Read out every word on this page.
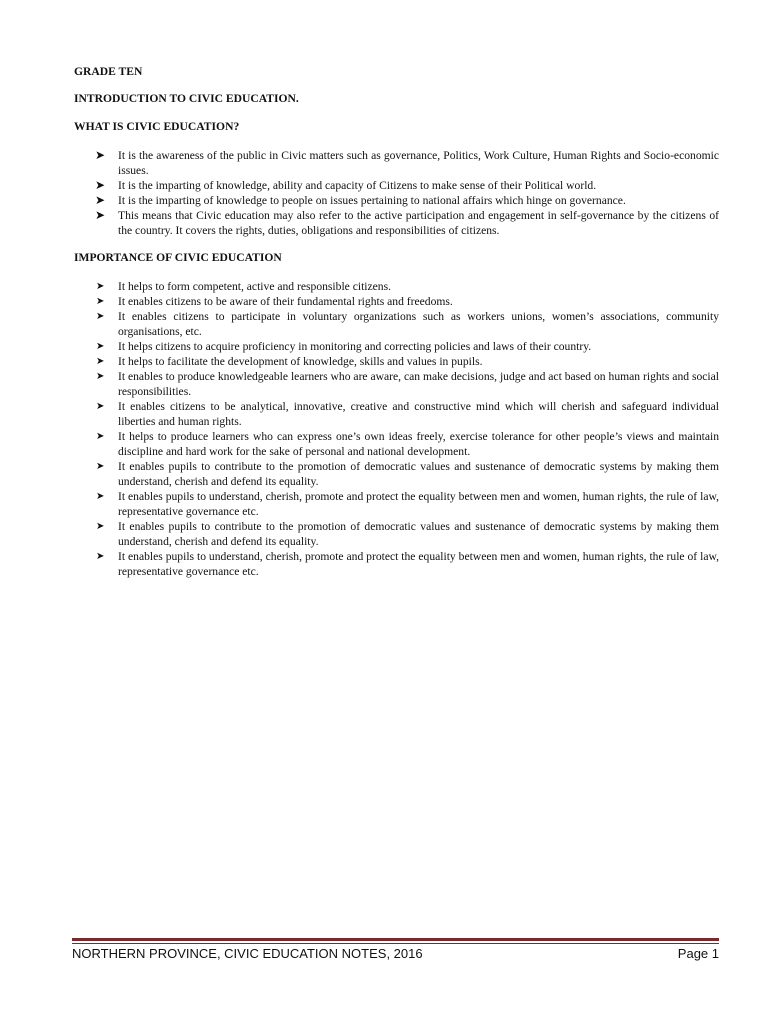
GRADE TEN

INTRODUCTION TO CIVIC EDUCATION.

WHAT IS CIVIC EDUCATION?

➤ It is the awareness of the public in Civic matters such as governance, Politics, Work Culture, Human Rights and Socio-economic issues.
➤ It is the imparting of knowledge, ability and capacity of Citizens to make sense of their Political world.
➤ It is the imparting of knowledge to people on issues pertaining to national affairs which hinge on governance.
➤ This means that Civic education may also refer to the active participation and engagement in self-governance by the citizens of the country. It covers the rights, duties, obligations and responsibilities of citizens.

IMPORTANCE OF CIVIC EDUCATION

➤ It helps to form competent, active and responsible citizens.
➤ It enables citizens to be aware of their fundamental rights and freedoms.
➤ It enables citizens to participate in voluntary organizations such as workers unions, women’s associations, community organisations, etc.
➤ It helps citizens to acquire proficiency in monitoring and correcting policies and laws of their country.
➤ It helps to facilitate the development of knowledge, skills and values in pupils.
➤ It enables to produce knowledgeable learners who are aware, can make decisions, judge and act based on human rights and social responsibilities.
➤ It enables citizens to be analytical, innovative, creative and constructive mind which will cherish and safeguard individual liberties and human rights.
➤ It helps to produce learners who can express one’s own ideas freely, exercise tolerance for other people’s views and maintain discipline and hard work for the sake of personal and national development.
➤ It enables pupils to contribute to the promotion of democratic values and sustenance of democratic systems by making them understand, cherish and defend its equality.
➤ It enables pupils to understand, cherish, promote and protect the equality between men and women, human rights, the rule of law, representative governance etc.
➤ It enables pupils to contribute to the promotion of democratic values and sustenance of democratic systems by making them understand, cherish and defend its equality.
➤ It enables pupils to understand, cherish, promote and protect the equality between men and women, human rights, the rule of law, representative governance etc.
NORTHERN PROVINCE, CIVIC EDUCATION NOTES, 2016	Page 1
